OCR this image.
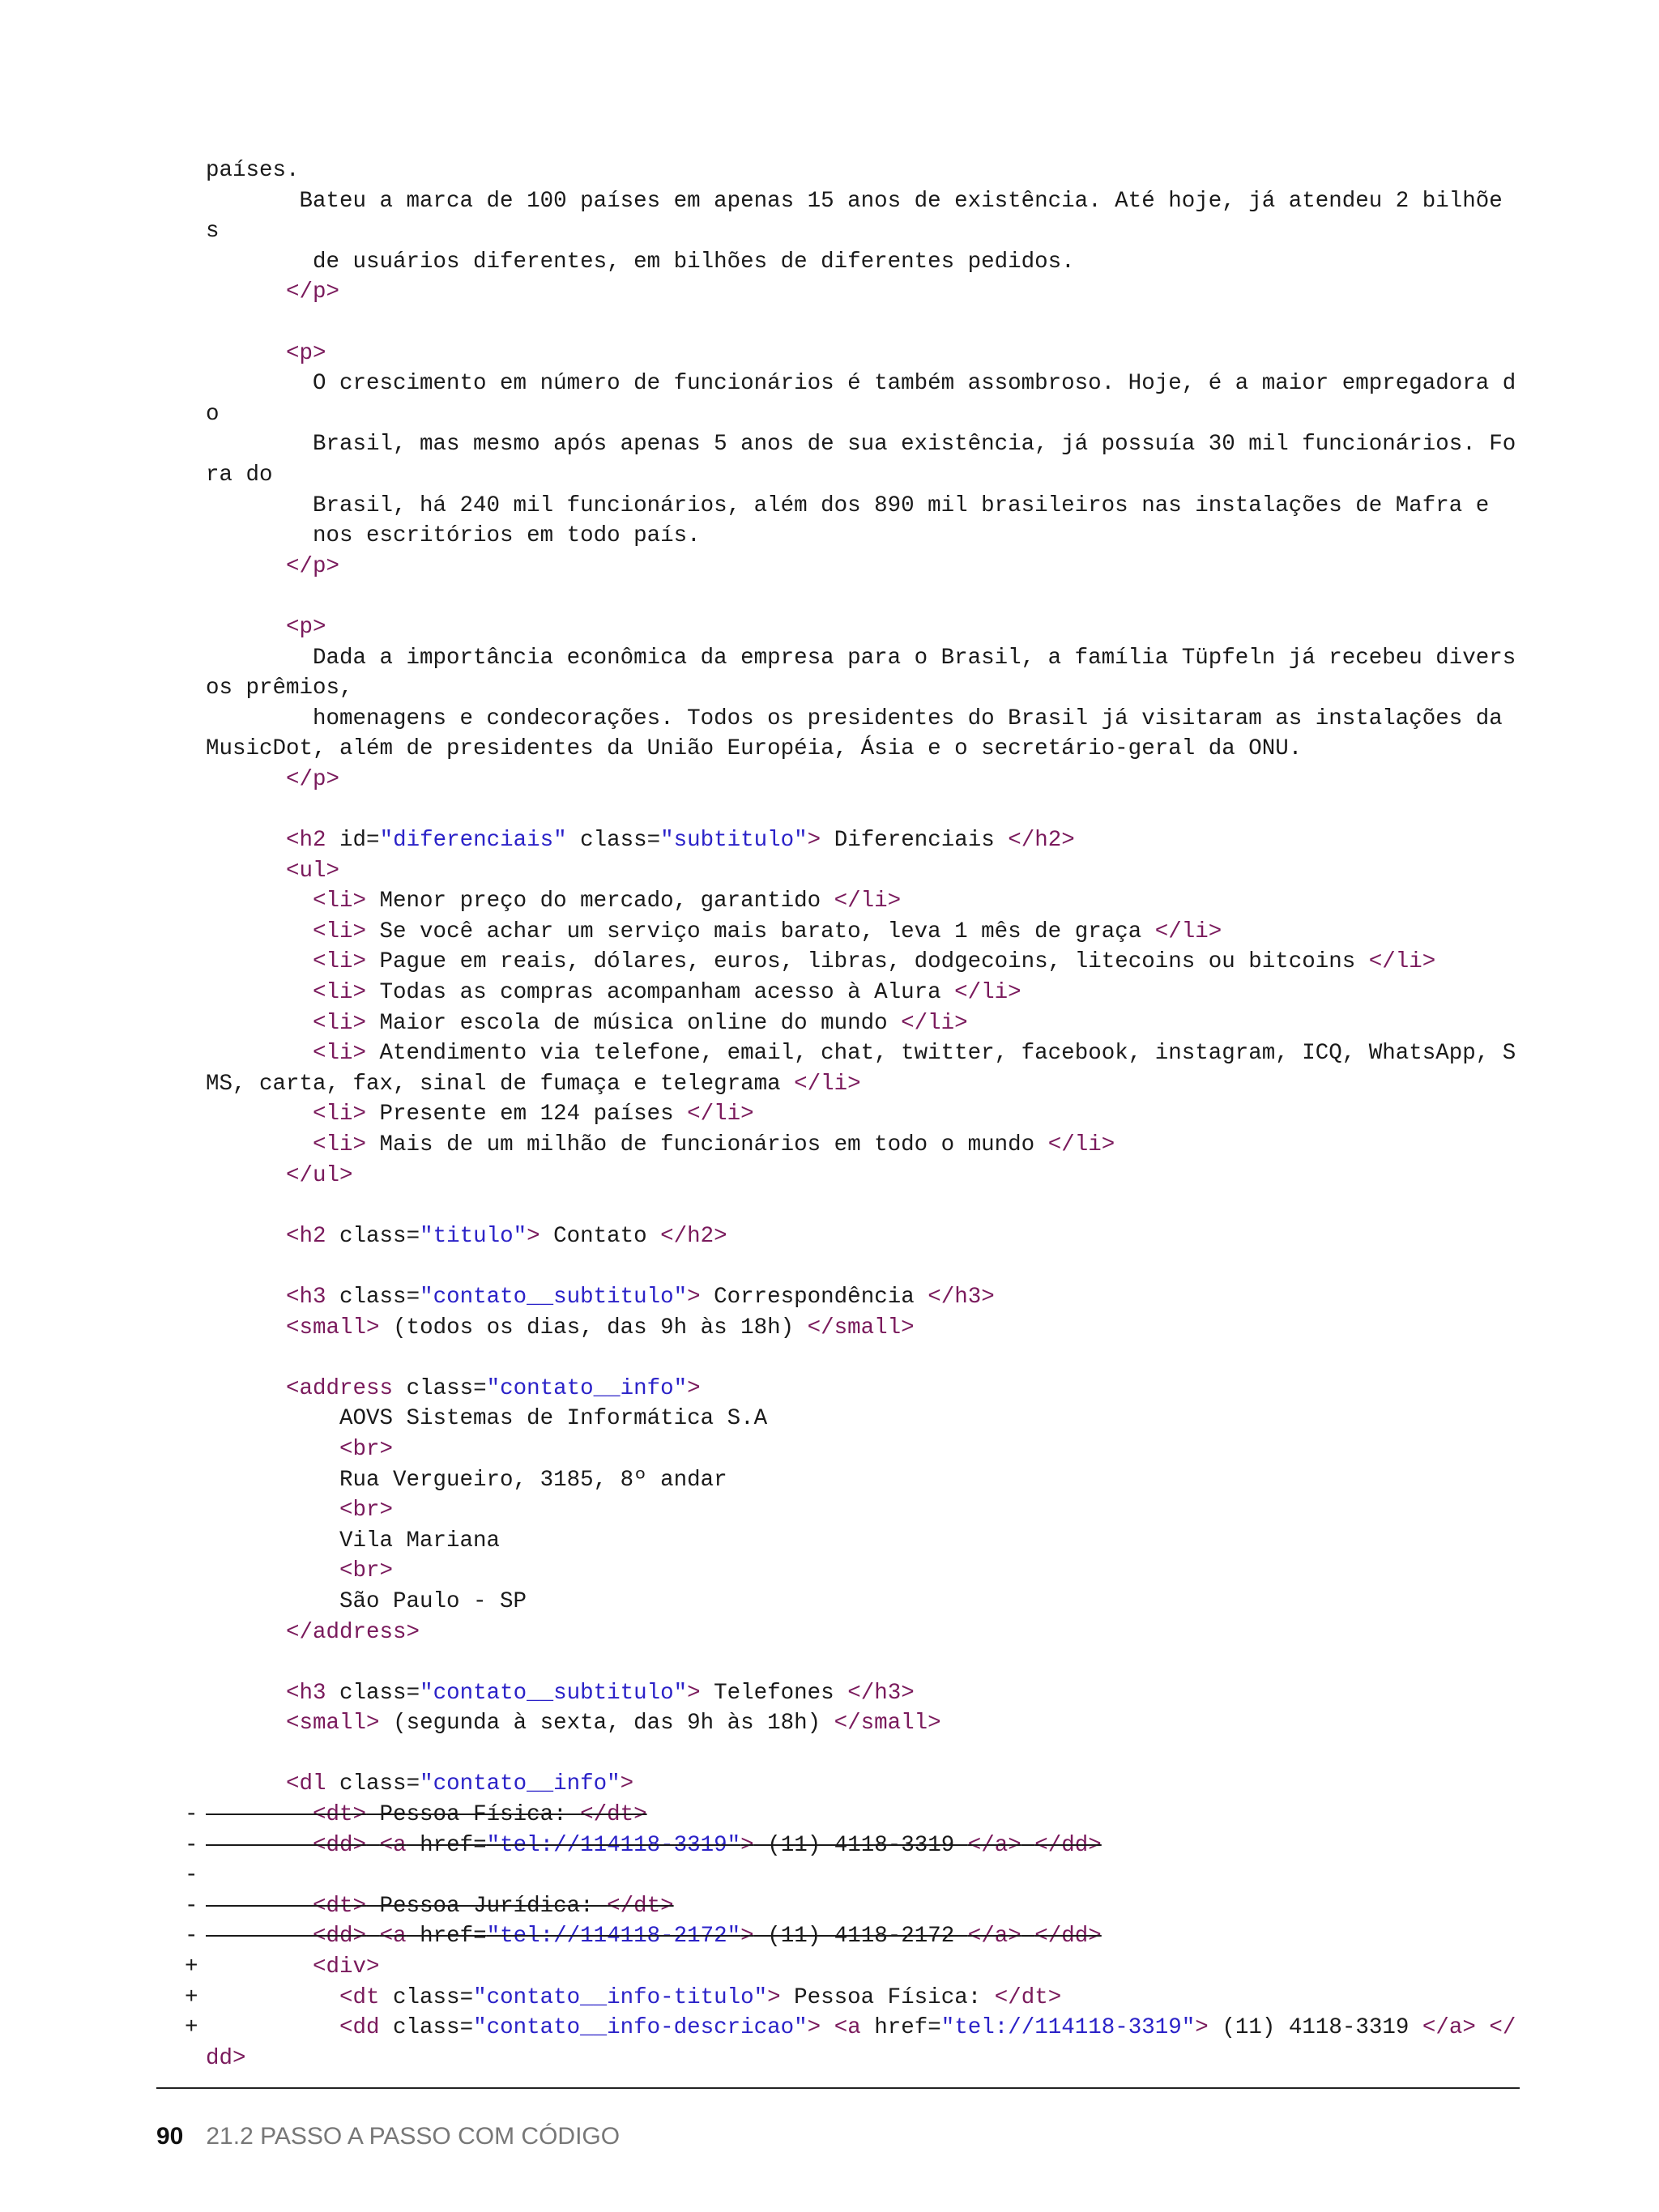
países.
Bateu a marca de 100 países em apenas 15 anos de existência. Até hoje, já atendeu 2 bilhõe
s
de usuários diferentes, em bilhões de diferentes pedidos.
</p>
<p>
O crescimento em número de funcionários é também assombroso. Hoje, é a maior empregadora d
o
Brasil, mas mesmo após apenas 5 anos de sua existência, já possuía 30 mil funcionários. Fo
ra do
Brasil, há 240 mil funcionários, além dos 890 mil brasileiros nas instalações de Mafra e
nos escritórios em todo país.
</p>
<p>
Dada a importância econômica da empresa para o Brasil, a família Tüpfeln já recebeu divers
os prêmios,
homenagens e condecorações. Todos os presidentes do Brasil já visitaram as instalações da
MusicDot, além de presidentes da União Européia, Ásia e o secretário-geral da ONU.
</p>
<h2 id="diferenciais" class="subtitulo"> Diferenciais </h2>
<ul>
<li> Menor preço do mercado, garantido </li>
<li> Se você achar um serviço mais barato, leva 1 mês de graça </li>
<li> Pague em reais, dólares, euros, libras, dodgecoins, litecoins ou bitcoins </li>
<li> Todas as compras acompanham acesso à Alura </li>
<li> Maior escola de música online do mundo </li>
<li> Atendimento via telefone, email, chat, twitter, facebook, instagram, ICQ, WhatsApp, S
MS, carta, fax, sinal de fumaça e telegrama </li>
<li> Presente em 124 países </li>
<li> Mais de um milhão de funcionários em todo o mundo </li>
</ul>
<h2 class="titulo"> Contato </h2>
<h3 class="contato__subtitulo"> Correspondência </h3>
<small> (todos os dias, das 9h às 18h) </small>
<address class="contato__info">
AOVS Sistemas de Informática S.A
<br>
Rua Vergueiro, 3185, 8º andar
<br>
Vila Mariana
<br>
São Paulo - SP
</address>
<h3 class="contato__subtitulo"> Telefones </h3>
<small> (segunda à sexta, das 9h às 18h) </small>
<dl class="contato__info">
-	<dt> Pessoa Física: </dt>
-	<dd> <a href="tel://114118-3319"> (11) 4118-3319 </a> </dd>
-
-	<dt> Pessoa Jurídica: </dt>
-	<dd> <a href="tel://114118-2172"> (11) 4118-2172 </a> </dd>
+	<div>
+	<dt class="contato__info-titulo"> Pessoa Física: </dt>
+	<dd class="contato__info-descricao"> <a href="tel://114118-3319"> (11) 4118-3319 </a> </
dd>
90 21.2 PASSO A PASSO COM CÓDIGO
